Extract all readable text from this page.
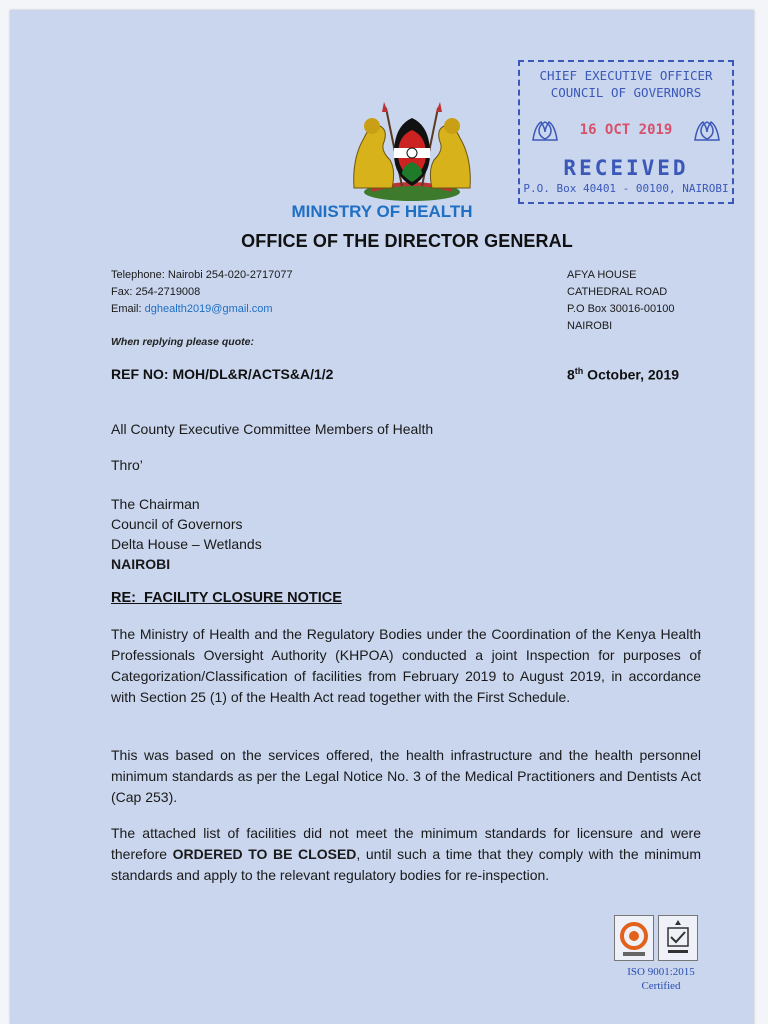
MINISTRY OF HEALTH
OFFICE OF THE DIRECTOR GENERAL
CHIEF EXECUTIVE OFFICER
COUNCIL OF GOVERNORS
16 OCT 2019
RECEIVED
P.O. Box 40401 - 00100, NAIROBI
Telephone: Nairobi 254-020-2717077
Fax: 254-2719008
Email: dghealth2019@gmail.com
AFYA HOUSE
CATHEDRAL ROAD
P.O Box 30016-00100
NAIROBI
When replying please quote:
REF NO: MOH/DL&R/ACTS&A/1/2	8th October, 2019
All County Executive Committee Members of Health
Thro’
The Chairman
Council of Governors
Delta House – Wetlands
NAIROBI
RE:  FACILITY CLOSURE NOTICE
The Ministry of Health and the Regulatory Bodies under the Coordination of the Kenya Health Professionals Oversight Authority (KHPOA) conducted a joint Inspection for purposes of Categorization/Classification of facilities from February 2019 to August 2019, in accordance with Section 25 (1) of the Health Act read together with the First Schedule.
This was based on the services offered, the health infrastructure and the health personnel minimum standards as per the Legal Notice No. 3 of the Medical Practitioners and Dentists Act (Cap 253).
The attached list of facilities did not meet the minimum standards for licensure and were therefore ORDERED TO BE CLOSED, until such a time that they comply with the minimum standards and apply to the relevant regulatory bodies for re-inspection.
ISO 9001:2015
Certified
